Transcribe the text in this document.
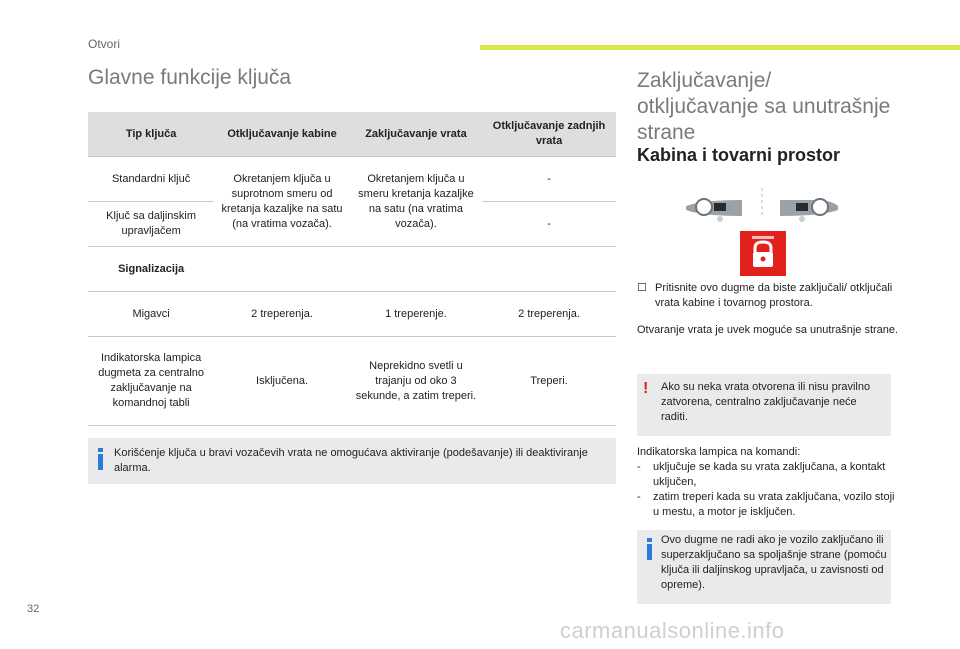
Otvori
Glavne funkcije ključa
Tip ključa	Otključavanje kabine	Zaključavanje vrata	Otključavanje zadnjih vrata
Standardni ključ	Okretanjem ključa u suprotnom smeru od kretanja kazaljke na satu (na vratima vozača).	Okretanjem ključa u smeru kretanja kazaljke na satu (na vratima vozača).	-
Ključ sa daljinskim upravljačem			-
Signalizacija			
Migavci	2 treperenja.	1 treperenje.	2 treperenja.
Indikatorska lampica dugmeta za centralno zaključavanje na komandnoj tabli	Isključena.	Neprekidno svetli u trajanju od oko 3 sekunde, a zatim treperi.	Treperi.
Korišćenje ključa u bravi vozačevih vrata ne omogućava aktiviranje (podešavanje) ili deaktiviranje alarma.
Zaključavanje/ otključavanje sa unutrašnje strane
Kabina i tovarni prostor
☐ Pritisnite ovo dugme da biste zaključali/ otključali vrata kabine i tovarnog prostora.
Otvaranje vrata je uvek moguće sa unutrašnje strane.
! Ako su neka vrata otvorena ili nisu pravilno zatvorena, centralno zaključavanje neće raditi.
Indikatorska lampica na komandi:
- uključuje se kada su vrata zaključana, a kontakt uključen,
- zatim treperi kada su vrata zaključana, vozilo stoji u mestu, a motor je isključen.
Ovo dugme ne radi ako je vozilo zaključano ili superzaključano sa spoljašnje strane (pomoću ključa ili daljinskog upravljača, u zavisnosti od opreme).
32
carmanualsonline.info
